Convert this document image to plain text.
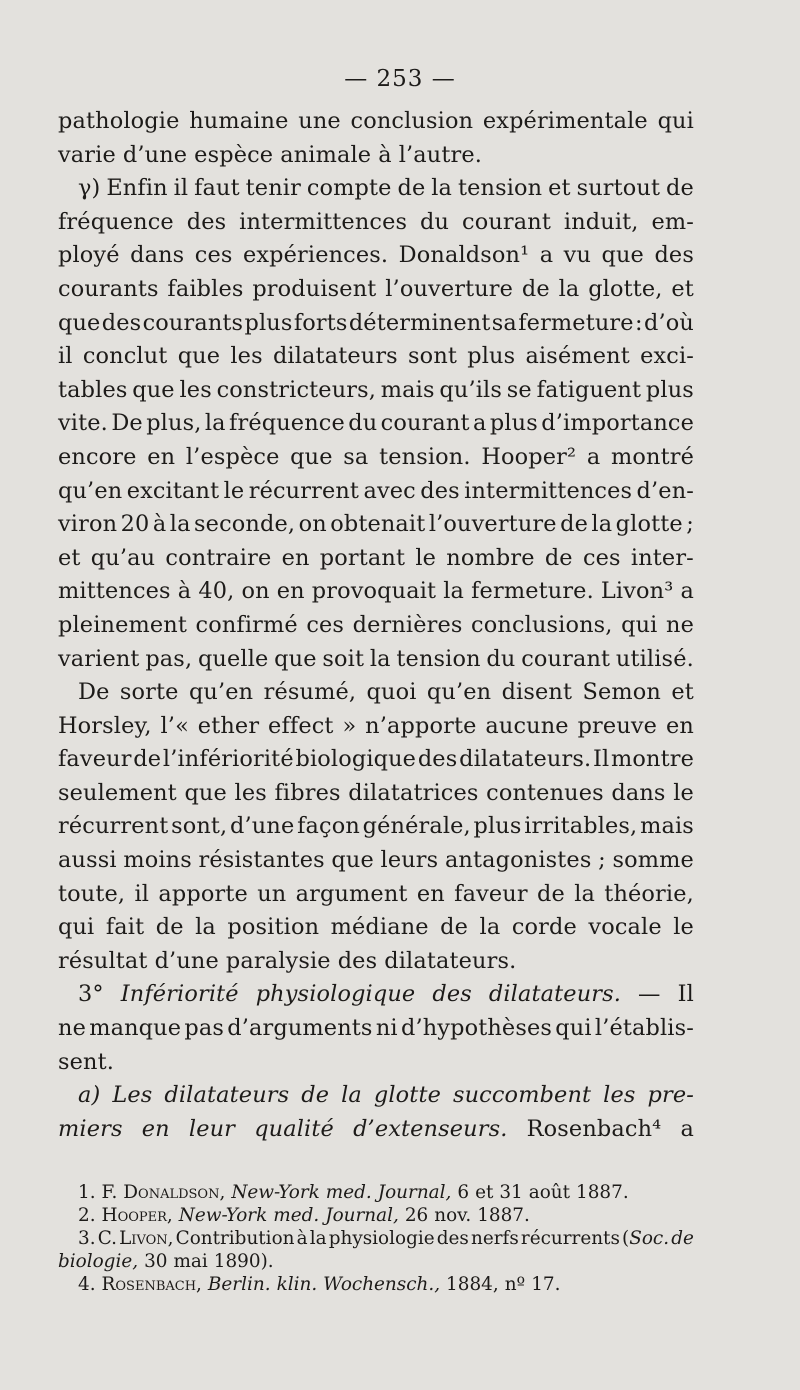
— 253 —
pathologie humaine une conclusion expérimentale qui
varie d’une espèce animale à l’autre.
γ) Enfin il faut tenir compte de la tension et surtout de
fréquence des intermittences du courant induit, em-
ployé dans ces expériences. Donaldson¹ a vu que des
courants faibles produisent l’ouverture de la glotte, et
que des courants plus forts déterminent sa fermeture : d’où
il conclut que les dilatateurs sont plus aisément exci-
tables que les constricteurs, mais qu’ils se fatiguent plus
vite. De plus, la fréquence du courant a plus d’importance
encore en l’espèce que sa tension. Hooper² a montré
qu’en excitant le récurrent avec des intermittences d’en-
viron 20 à la seconde, on obtenait l’ouverture de la glotte ;
et qu’au contraire en portant le nombre de ces inter-
mittences à 40, on en provoquait la fermeture. Livon³ a
pleinement confirmé ces dernières conclusions, qui ne
varient pas, quelle que soit la tension du courant utilisé.
De sorte qu’en résumé, quoi qu’en disent Semon et
Horsley, l’« ether effect » n’apporte aucune preuve en
faveur de l’infériorité biologique des dilatateurs. Il montre
seulement que les fibres dilatatrices contenues dans le
récurrent sont, d’une façon générale, plus irritables, mais
aussi moins résistantes que leurs antagonistes ; somme
toute, il apporte un argument en faveur de la théorie,
qui fait de la position médiane de la corde vocale le
résultat d’une paralysie des dilatateurs.
3° Infériorité physiologique des dilatateurs. — Il
ne manque pas d’arguments ni d’hypothèses qui l’établis-
sent.
a) Les dilatateurs de la glotte succombent les pre-
miers en leur qualité d’extenseurs. Rosenbach⁴ a
1. F. Donaldson, New-York med. Journal, 6 et 31 août 1887.
2. Hooper, New-York med. Journal, 26 nov. 1887.
3. C. Livon, Contribution à la physiologie des nerfs récurrents (Soc. de
biologie, 30 mai 1890).
4. Rosenbach, Berlin. klin. Wochensch., 1884, nº 17.
